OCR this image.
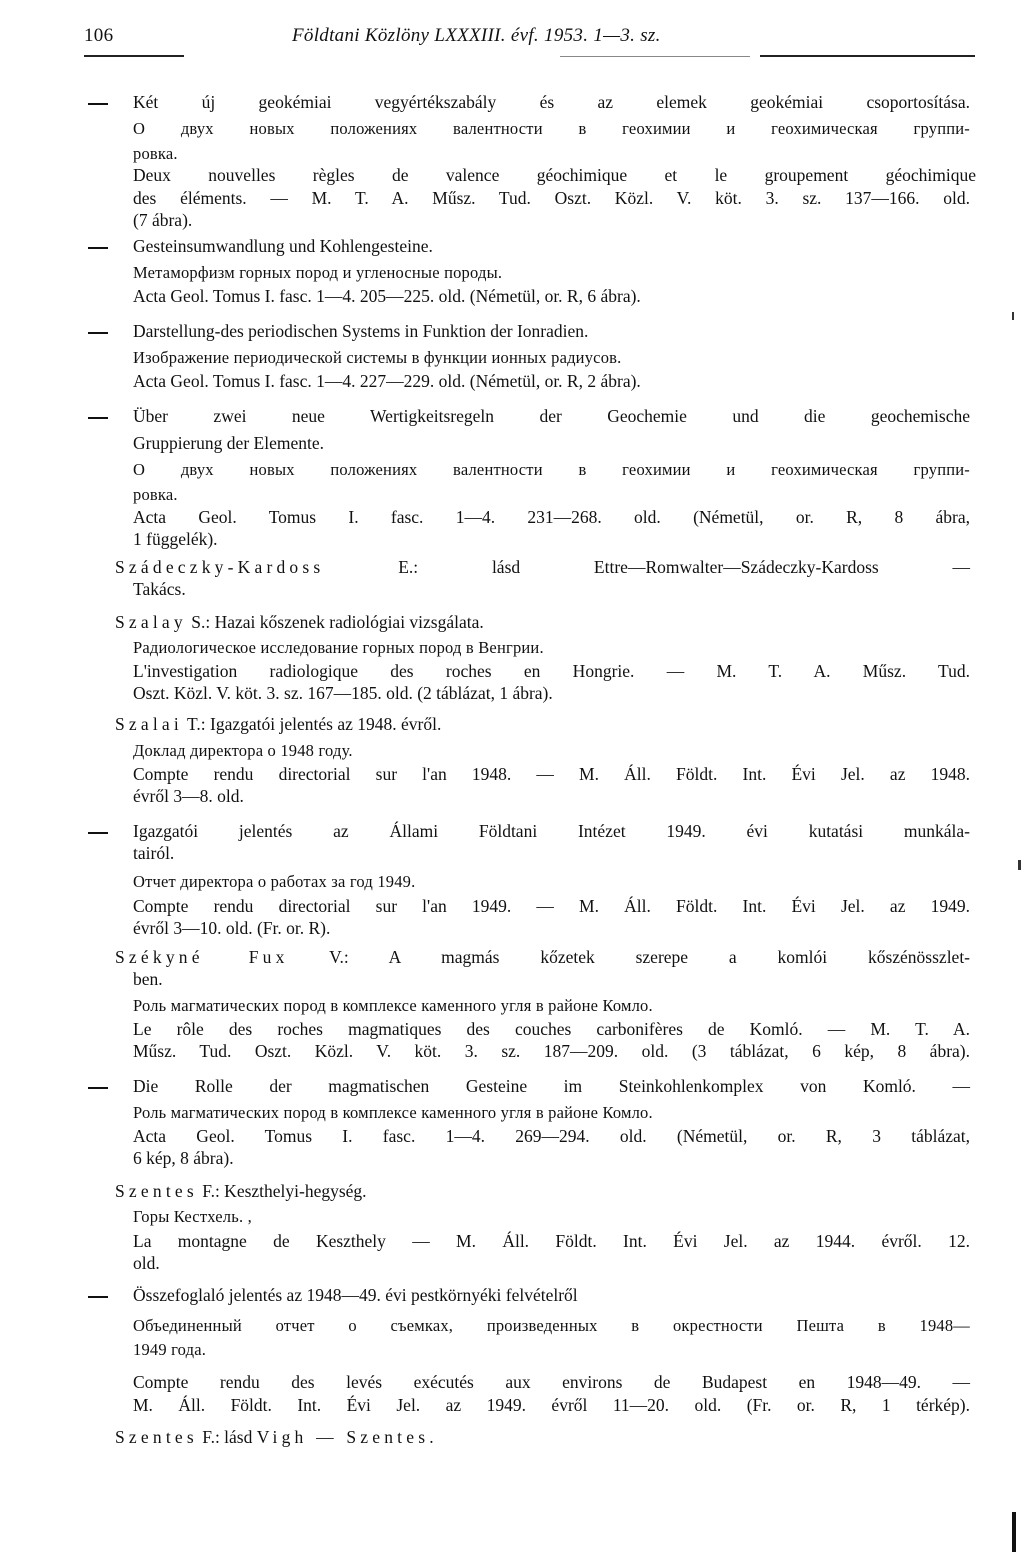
106	Földtani Közlöny LXXXIII. évf. 1953. 1—3. sz.
Két új geokémiai vegyértékszabály és az elemek geokémiai csoportosítása.
О двух новых положениях валентности в геохимии и геохимическая группи-
ровка.
Deux nouvelles règles de valence géochimique et le groupement géochimique
des éléments. — M. T. A. Műsz. Tud. Oszt. Közl. V. köt. 3. sz. 137—166. old.
(7 ábra).
Gesteinsumwandlung und Kohlengesteine.
Метаморфизм горных пород и угленосные породы.
Acta Geol. Tomus I. fasc. 1—4. 205—225. old. (Németül, or. R, 6 ábra).
Darstellung-des periodischen Systems in Funktion der Ionradien.
Изображение периодической системы в функции ионных радиусов.
Acta Geol. Tomus I. fasc. 1—4. 227—229. old. (Németül, or. R, 2 ábra).
Über zwei neue Wertigkeitsregeln der Geochemie und die geochemische
Gruppierung der Elemente.
О двух новых положениях валентности в геохимии и геохимическая группи-
ровка.
Acta Geol. Tomus I. fasc. 1—4. 231—268. old. (Németül, or. R, 8 ábra,
1 függelék).
Szádeczky-Kardoss	E.: lásd Ettre—Romwalter—Szádeczky-Kardoss —
Takács.
Szalay S.: Hazai kőszenek radiológiai vizsgálata.
Радиологическое исследование горных пород в Венгрии.
L'investigation radiologique des roches en Hongrie. — M. T. A. Műsz. Tud.
Oszt. Közl. V. köt. 3. sz. 167—185. old. (2 táblázat, 1 ábra).
Szalai T.: Igazgatói jelentés az 1948. évről.
Доклад директора о 1948 году.
Compte rendu directorial sur l'an 1948. — M. Áll. Földt. Int. Évi Jel. az 1948.
évről 3—8. old.
Igazgatói jelentés az Állami Földtani Intézet 1949. évi kutatási munkála-
tairól.
Отчет директора о работах за год 1949.
Compte rendu directorial sur l'an 1949. — M. Áll. Földt. Int. Évi Jel. az 1949.
évről 3—10. old. (Fr. or. R).
Székyné Fux V.: A magmás kőzetek szerepe a komlói kőszénösszlet-
ben.
Роль магматических пород в комплексе каменного угля в районе Комло.
Le rôle des roches magmatiques des couches carbonifères de Komló. — M. T. A.
Műsz. Tud. Oszt. Közl. V. köt. 3. sz. 187—209. old. (3 táblázat, 6 kép, 8 ábra).
Die Rolle der magmatischen Gesteine im Steinkohlenkomplex von Komló. —
Роль магматических пород в комплексе каменного угля в районе Комло.
Acta Geol. Tomus I. fasc. 1—4. 269—294. old. (Németül, or. R, 3 táblázat,
6 kép, 8 ábra).
Szentes F.: Keszthelyi-hegység.
Горы Кестхель. ,
La montagne de Keszthely — M. Áll. Földt. Int. Évi Jel. az 1944. évről. 12.
old.
Összefoglaló jelentés az 1948—49. évi pestkörnyéki felvételről
Объединенный отчет о съемках, произведенных в окрестности Пешта в 1948—
1949 года.
Compte rendu des levés exécutés aux environs de Budapest en 1948—49. —
M. Áll. Földt. Int. Évi Jel. az 1949. évről 11—20. old. (Fr. or. R, 1 térkép).
Szentes F.: lásd Vigh — Szentes.
